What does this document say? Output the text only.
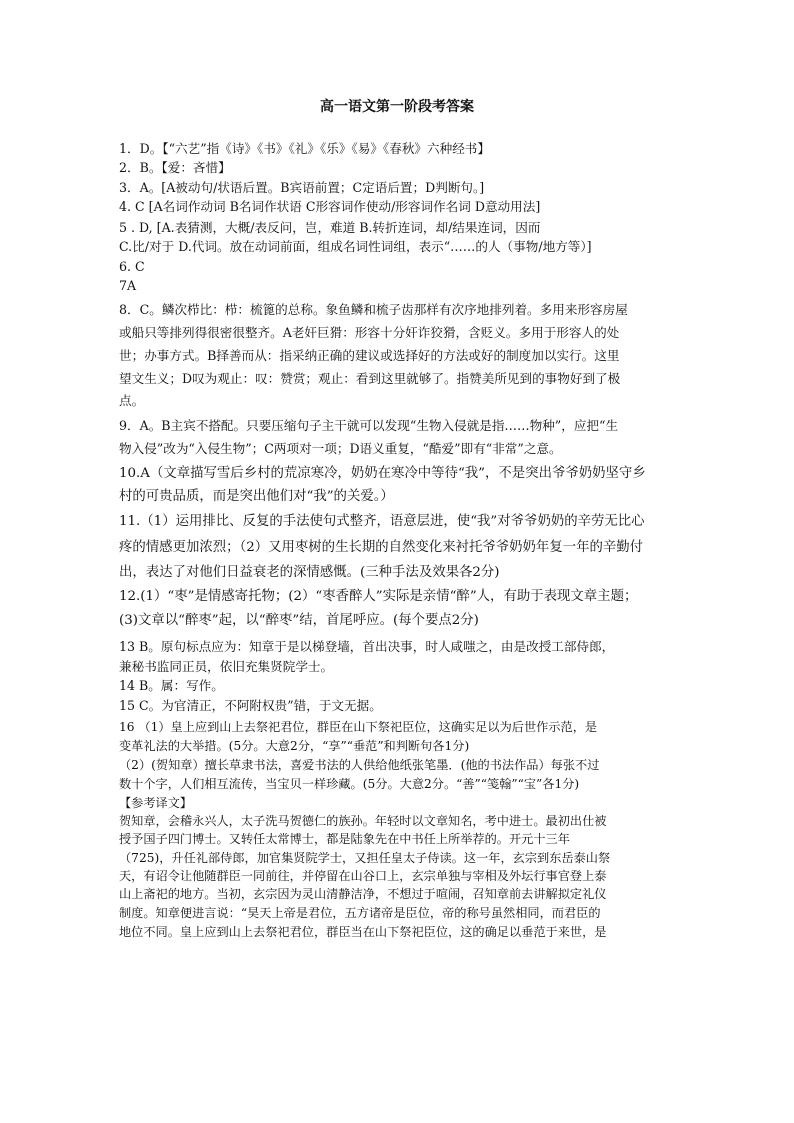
高一语文第一阶段考答案
1．D。【“六艺”指《诗》《书》《礼》《乐》《易》《春秋》六种经书】
2．B。【爱：吝惜】
3．A。[A被动句/状语后置。B宾语前置；C定语后置；D判断句。]
4. C [A名词作动词 B名词作状语 C形容词作使动/形容词作名词 D意动用法]
5 . D, [A.表猜测，大概/表反问，岂，难道 B.转折连词，却/结果连词，因而
C.比/对于 D.代词。放在动词前面，组成名词性词组，表示“……的人（事物/地方等）]
6. C
7A
8．C。鳞次栉比：栉：梳篦的总称。象鱼鳞和梳子齿那样有次序地排列着。多用来形容房屋
或船只等排列得很密很整齐。A老奸巨猾：形容十分奸诈狡猾，含贬义。多用于形容人的处
世；办事方式。B择善而从：指采纳正确的建议或选择好的方法或好的制度加以实行。这里
望文生义；D叹为观止：叹：赞赏；观止：看到这里就够了。指赞美所见到的事物好到了极
点。
9．A。B主宾不搭配。只要压缩句子主干就可以发现“生物入侵就是指……物种”，应把“生
物入侵”改为“入侵生物”；C两项对一项；D语义重复，“酷爱”即有“非常”之意。
10.A（文章描写雪后乡村的荒凉寒冷，奶奶在寒冷中等待“我”，不是突出爷爷奶奶坚守乡
村的可贵品质，而是突出他们对“我”的关爱。）
11.（1）运用排比、反复的手法使句式整齐，语意层进，使“我”对爷爷奶奶的辛劳无比心
疼的情感更加浓烈；（2）又用枣树的生长期的自然变化来衬托爷爷奶奶年复一年的辛勤付
出，表达了对他们日益衰老的深情感慨。(三种手法及效果各2分)
12.(1）“枣”是情感寄托物；(2）“枣香醉人”实际是亲情“醉”人，有助于表现文章主题；
(3)文章以“醉枣”起，以“醉枣”结，首尾呼应。(每个要点2分)
13 B。原句标点应为：知章于是以梯登墙，首出决事，时人咸嗤之，由是改授工部侍郎，
兼秘书监同正员，依旧充集贤院学士。
14 B。属：写作。
15 C。为官清正，不阿附权贵”错，于文无据。
16 （1）皇上应到山上去祭祀君位，群臣在山下祭祀臣位，这确实足以为后世作示范，是
变革礼法的大举措。(5分。大意2分，“享”“垂范”和判断句各1分)
（2）(贺知章）擅长草隶书法，喜爱书法的人供给他纸张笔墨．(他的书法作品）每张不过
数十个字，人们相互流传，当宝贝一样珍藏。(5分。大意2分。“善”“笺翰”“宝”各1分)
【参考译文】
贺知章，会稽永兴人，太子洗马贺德仁的族孙。年轻时以文章知名，考中进士。最初出仕被
授予国子四门博士。又转任太常博士，都是陆象先在中书任上所举荐的。开元十三年
（725)，升任礼部侍郎，加官集贤院学士，又担任皇太子侍读。这一年，玄宗到东岳泰山祭
天，有诏令让他随群臣一同前往，并停留在山谷口上，玄宗单独与宰相及外坛行事官登上泰
山上斋祀的地方。当初，玄宗因为灵山清静洁净，不想过于喧闹，召知章前去讲解拟定礼仪
制度。知章便进言说：“昊天上帝是君位，五方诸帝是臣位，帝的称号虽然相同，而君臣的
地位不同。皇上应到山上去祭祀君位，群臣当在山下祭祀臣位，这的确足以垂范于来世，是
